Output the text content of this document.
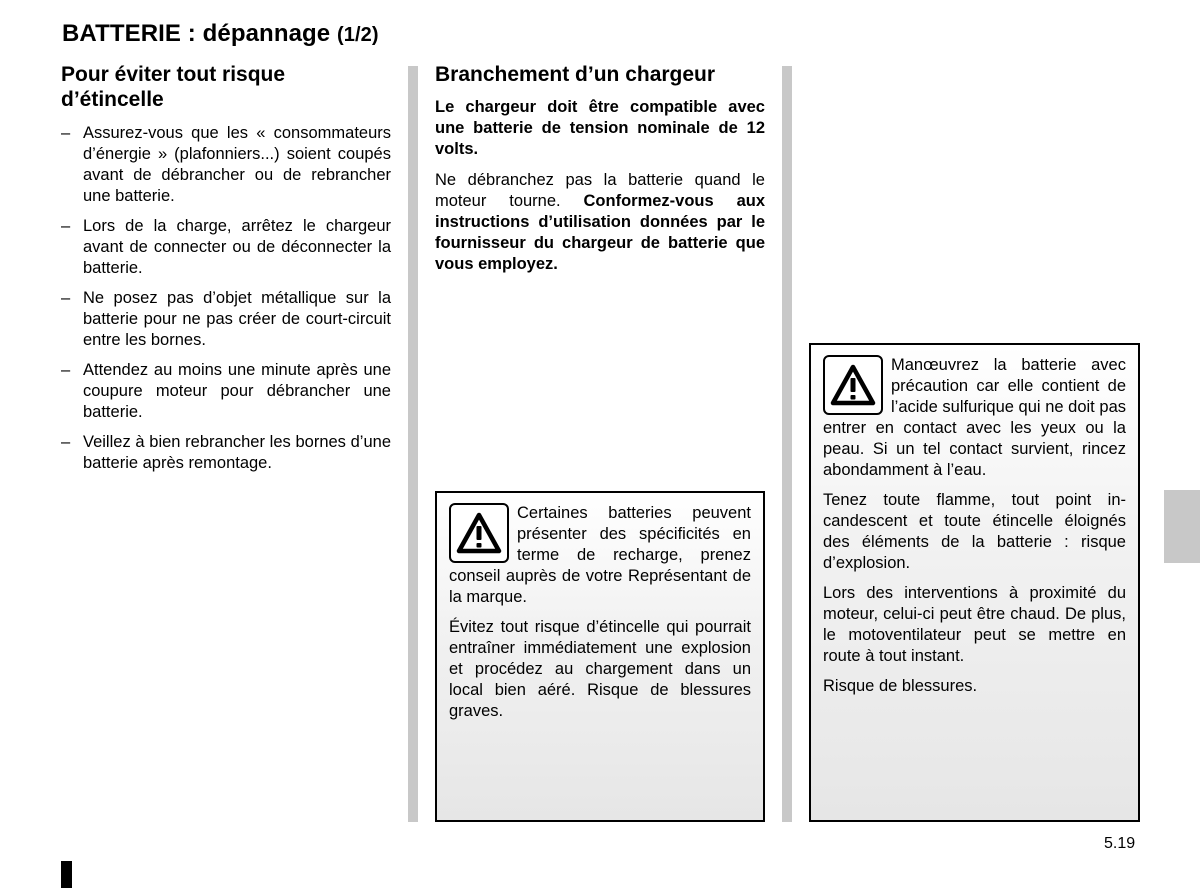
BATTERIE : dépannage (1/2)
Pour éviter tout risque
d’étincelle
– Assurez-vous que les « consommateurs d’énergie » (plafonniers...) soient coupés avant de débrancher ou de rebrancher une batterie.
– Lors de la charge, arrêtez le chargeur avant de connecter ou de déconnecter la batterie.
– Ne posez pas d’objet métallique sur la batterie pour ne pas créer de court-circuit entre les bornes.
– Attendez au moins une minute après une coupure moteur pour débrancher une batterie.
– Veillez à bien rebrancher les bornes d’une batterie après remontage.
Branchement d’un chargeur

Le chargeur doit être compatible avec une batterie de tension nominale de 12 volts.

Ne débranchez pas la batterie quand le moteur tourne. Conformez-vous aux instructions d’utilisation données par le fournisseur du chargeur de batterie que vous employez.

Certaines batteries peuvent présenter des spécificités en terme de recharge, prenez conseil auprès de votre Représentant de la marque.

Évitez tout risque d’étincelle qui pourrait entraîner immédiatement une explosion et procédez au chargement dans un local bien aéré. Risque de blessures graves.

Manœuvrez la batterie avec précaution car elle contient de l’acide sulfurique qui ne doit pas entrer en contact avec les yeux ou la peau. Si un tel contact survient, rincez abondamment à l’eau.

Tenez toute flamme, tout point incandescent et toute étincelle éloignés des éléments de la batterie : risque d’explosion.

Lors des interventions à proximité du moteur, celui-ci peut être chaud. De plus, le motoventilateur peut se mettre en route à tout instant.

Risque de blessures.

5.19
